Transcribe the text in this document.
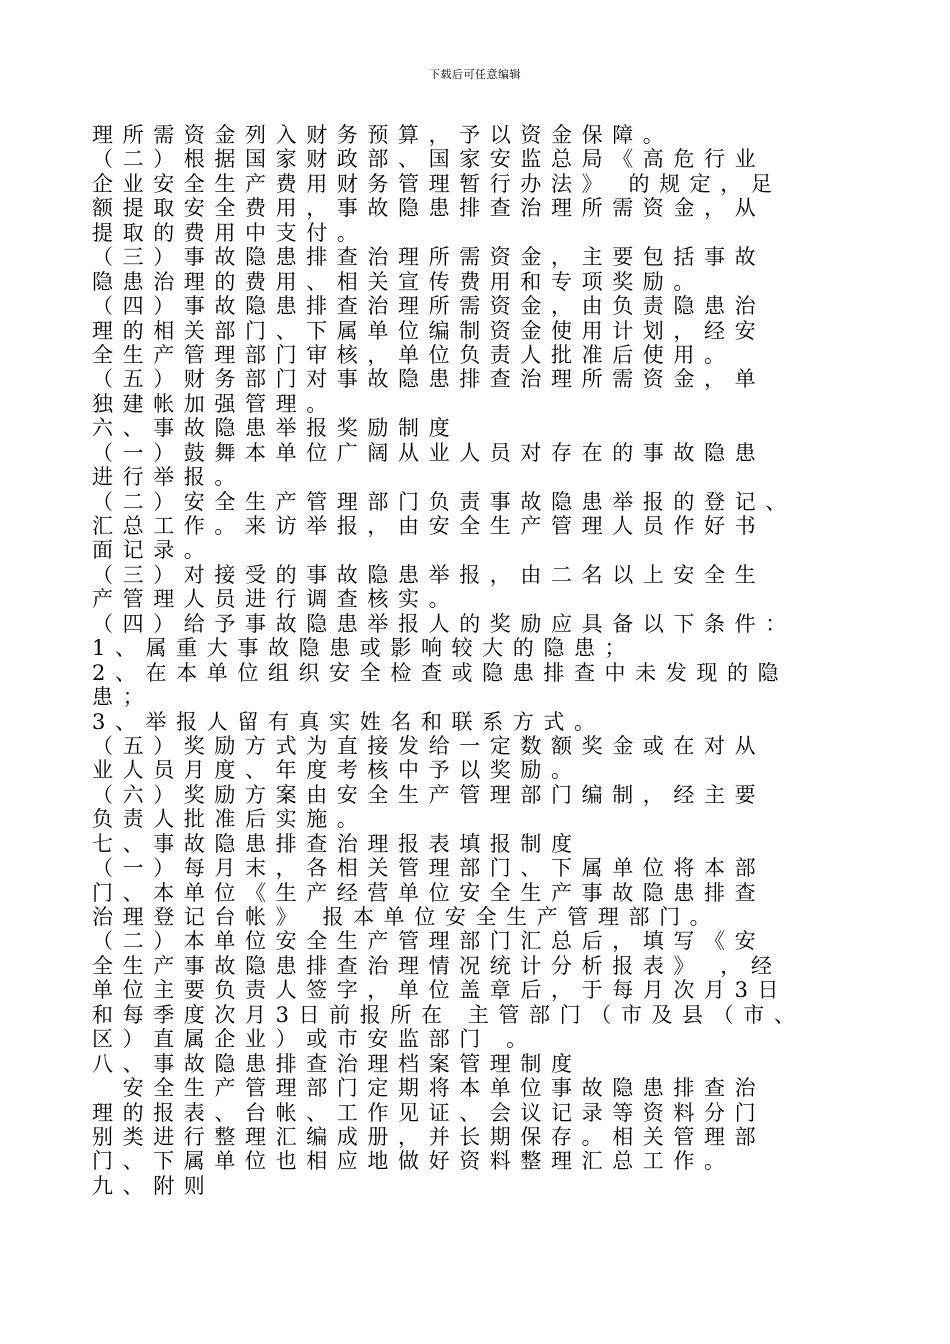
下载后可任意编辑
理所需资金列入财务预算，予以资金保障。
（二）根据国家财政部、国家安监总局《高危行业
企业安全生产费用财务管理暂行办法》 的规定，足
额提取安全费用，事故隐患排查治理所需资金，从
提取的费用中支付。
（三）事故隐患排查治理所需资金，主要包括事故
隐患治理的费用、相关宣传费用和专项奖励。
（四）事故隐患排查治理所需资金，由负责隐患治
理的相关部门、下属单位编制资金使用计划，经安
全生产管理部门审核，单位负责人批准后使用。
（五）财务部门对事故隐患排查治理所需资金，单
独建帐加强管理。
六、事故隐患举报奖励制度
（一）鼓舞本单位广阔从业人员对存在的事故隐患
进行举报。
（二）安全生产管理部门负责事故隐患举报的登记、
汇总工作。来访举报，由安全生产管理人员作好书
面记录。
（三）对接受的事故隐患举报，由二名以上安全生
产管理人员进行调查核实。
（四）给予事故隐患举报人的奖励应具备以下条件：
1、属重大事故隐患或影响较大的隐患；
2、在本单位组织安全检查或隐患排查中未发现的隐
患；
3、举报人留有真实姓名和联系方式。
（五）奖励方式为直接发给一定数额奖金或在对从
业人员月度、年度考核中予以奖励。
（六）奖励方案由安全生产管理部门编制，经主要
负责人批准后实施。
七、事故隐患排查治理报表填报制度
（一）每月末，各相关管理部门、下属单位将本部
门、本单位《生产经营单位安全生产事故隐患排查
治理登记台帐》 报本单位安全生产管理部门。
（二）本单位安全生产管理部门汇总后，填写《安
全生产事故隐患排查治理情况统计分析报表》 ，经
单位主要负责人签字，单位盖章后，于每月次月3日
和每季度次月3日前报所在 主管部门（市及县（市、
区）直属企业）或市安监部门 。
八、事故隐患排查治理档案管理制度
　安全生产管理部门定期将本单位事故隐患排查治
理的报表、台帐、工作见证、会议记录等资料分门
别类进行整理汇编成册，并长期保存。相关管理部
门、下属单位也相应地做好资料整理汇总工作。
九、附则
